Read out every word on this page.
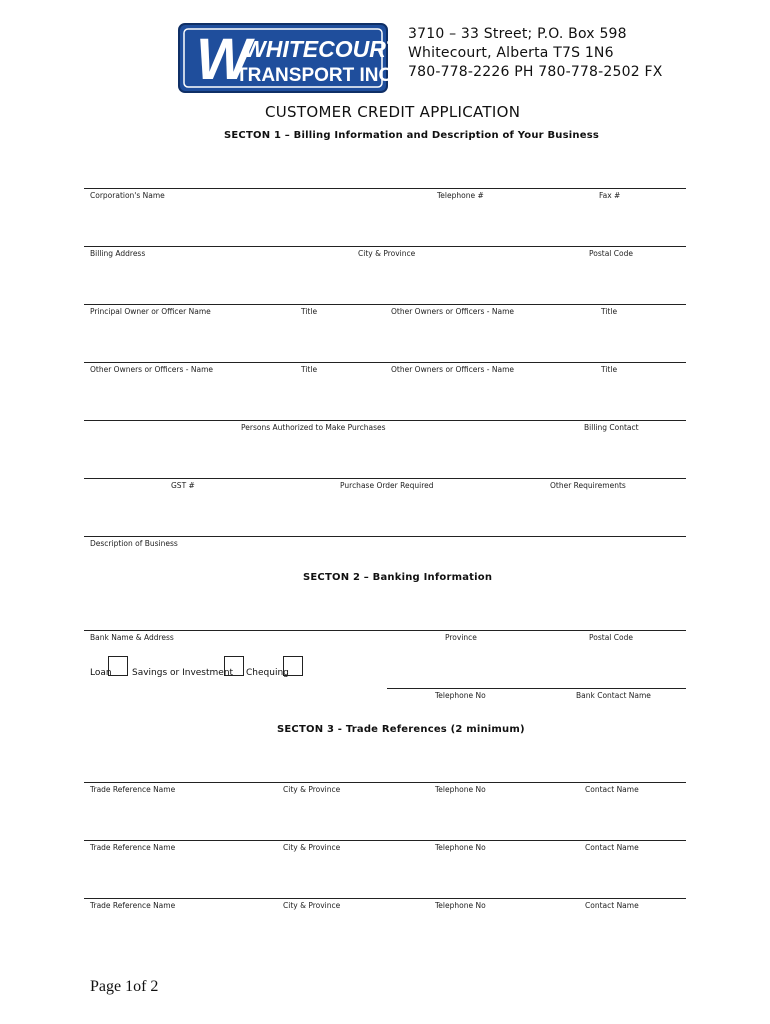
W
WHITECOURT
TRANSPORT INC.
3710 – 33 Street; P.O. Box 598
Whitecourt, Alberta T7S 1N6
780-778-2226 PH 780-778-2502 FX
CUSTOMER CREDIT APPLICATION
SECTON 1 – Billing Information and Description of Your Business
Corporation's Name	Telephone #	Fax #
Billing Address	City & Province	Postal Code
Principal Owner or Officer Name	Title	Other Owners or Officers - Name	Title
Other Owners or Officers - Name	Title	Other Owners or Officers - Name	Title
Persons Authorized to Make Purchases	Billing Contact
GST #	Purchase Order Required	Other Requirements
Description of Business
SECTON 2 – Banking Information
Bank Name & Address	Province	Postal Code
Loan Savings or Investment Chequing
Telephone No	Bank Contact Name
SECTON 3 - Trade References (2 minimum)
Trade Reference Name	City & Province	Telephone No	Contact Name
Trade Reference Name	City & Province	Telephone No	Contact Name
Trade Reference Name	City & Province	Telephone No	Contact Name
Page 1of 2
